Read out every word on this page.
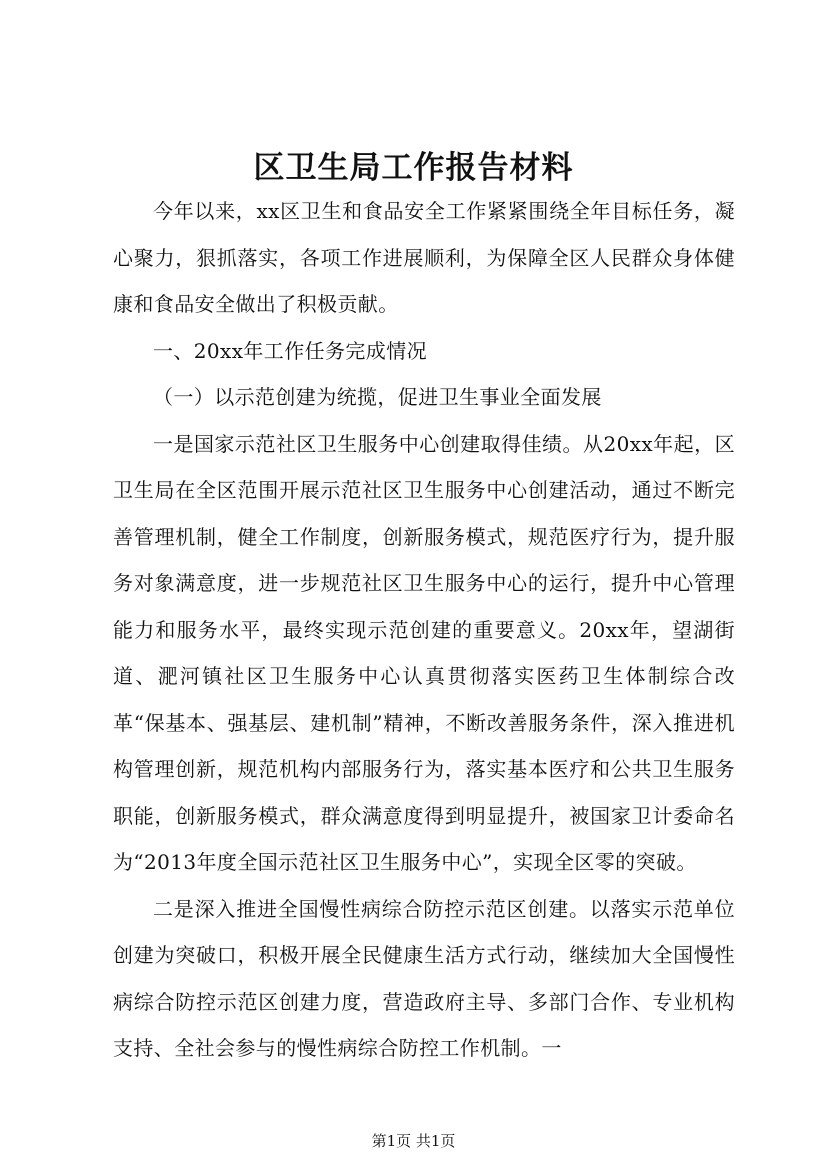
区卫生局工作报告材料

今年以来，xx区卫生和食品安全工作紧紧围绕全年目标任务，凝心聚力，狠抓落实，各项工作进展顺利，为保障全区人民群众身体健康和食品安全做出了积极贡献。

一、20xx年工作任务完成情况

（一）以示范创建为统揽，促进卫生事业全面发展

一是国家示范社区卫生服务中心创建取得佳绩。从20xx年起，区卫生局在全区范围开展示范社区卫生服务中心创建活动，通过不断完善管理机制，健全工作制度，创新服务模式，规范医疗行为，提升服务对象满意度，进一步规范社区卫生服务中心的运行，提升中心管理能力和服务水平，最终实现示范创建的重要意义。20xx年，望湖街道、淝河镇社区卫生服务中心认真贯彻落实医药卫生体制综合改革“保基本、强基层、建机制”精神，不断改善服务条件，深入推进机构管理创新，规范机构内部服务行为，落实基本医疗和公共卫生服务职能，创新服务模式，群众满意度得到明显提升，被国家卫计委命名为“2013年度全国示范社区卫生服务中心”，实现全区零的突破。

二是深入推进全国慢性病综合防控示范区创建。以落实示范单位创建为突破口，积极开展全民健康生活方式行动，继续加大全国慢性病综合防控示范区创建力度，营造政府主导、多部门合作、专业机构支持、全社会参与的慢性病综合防控工作机制。一

第1页 共1页
